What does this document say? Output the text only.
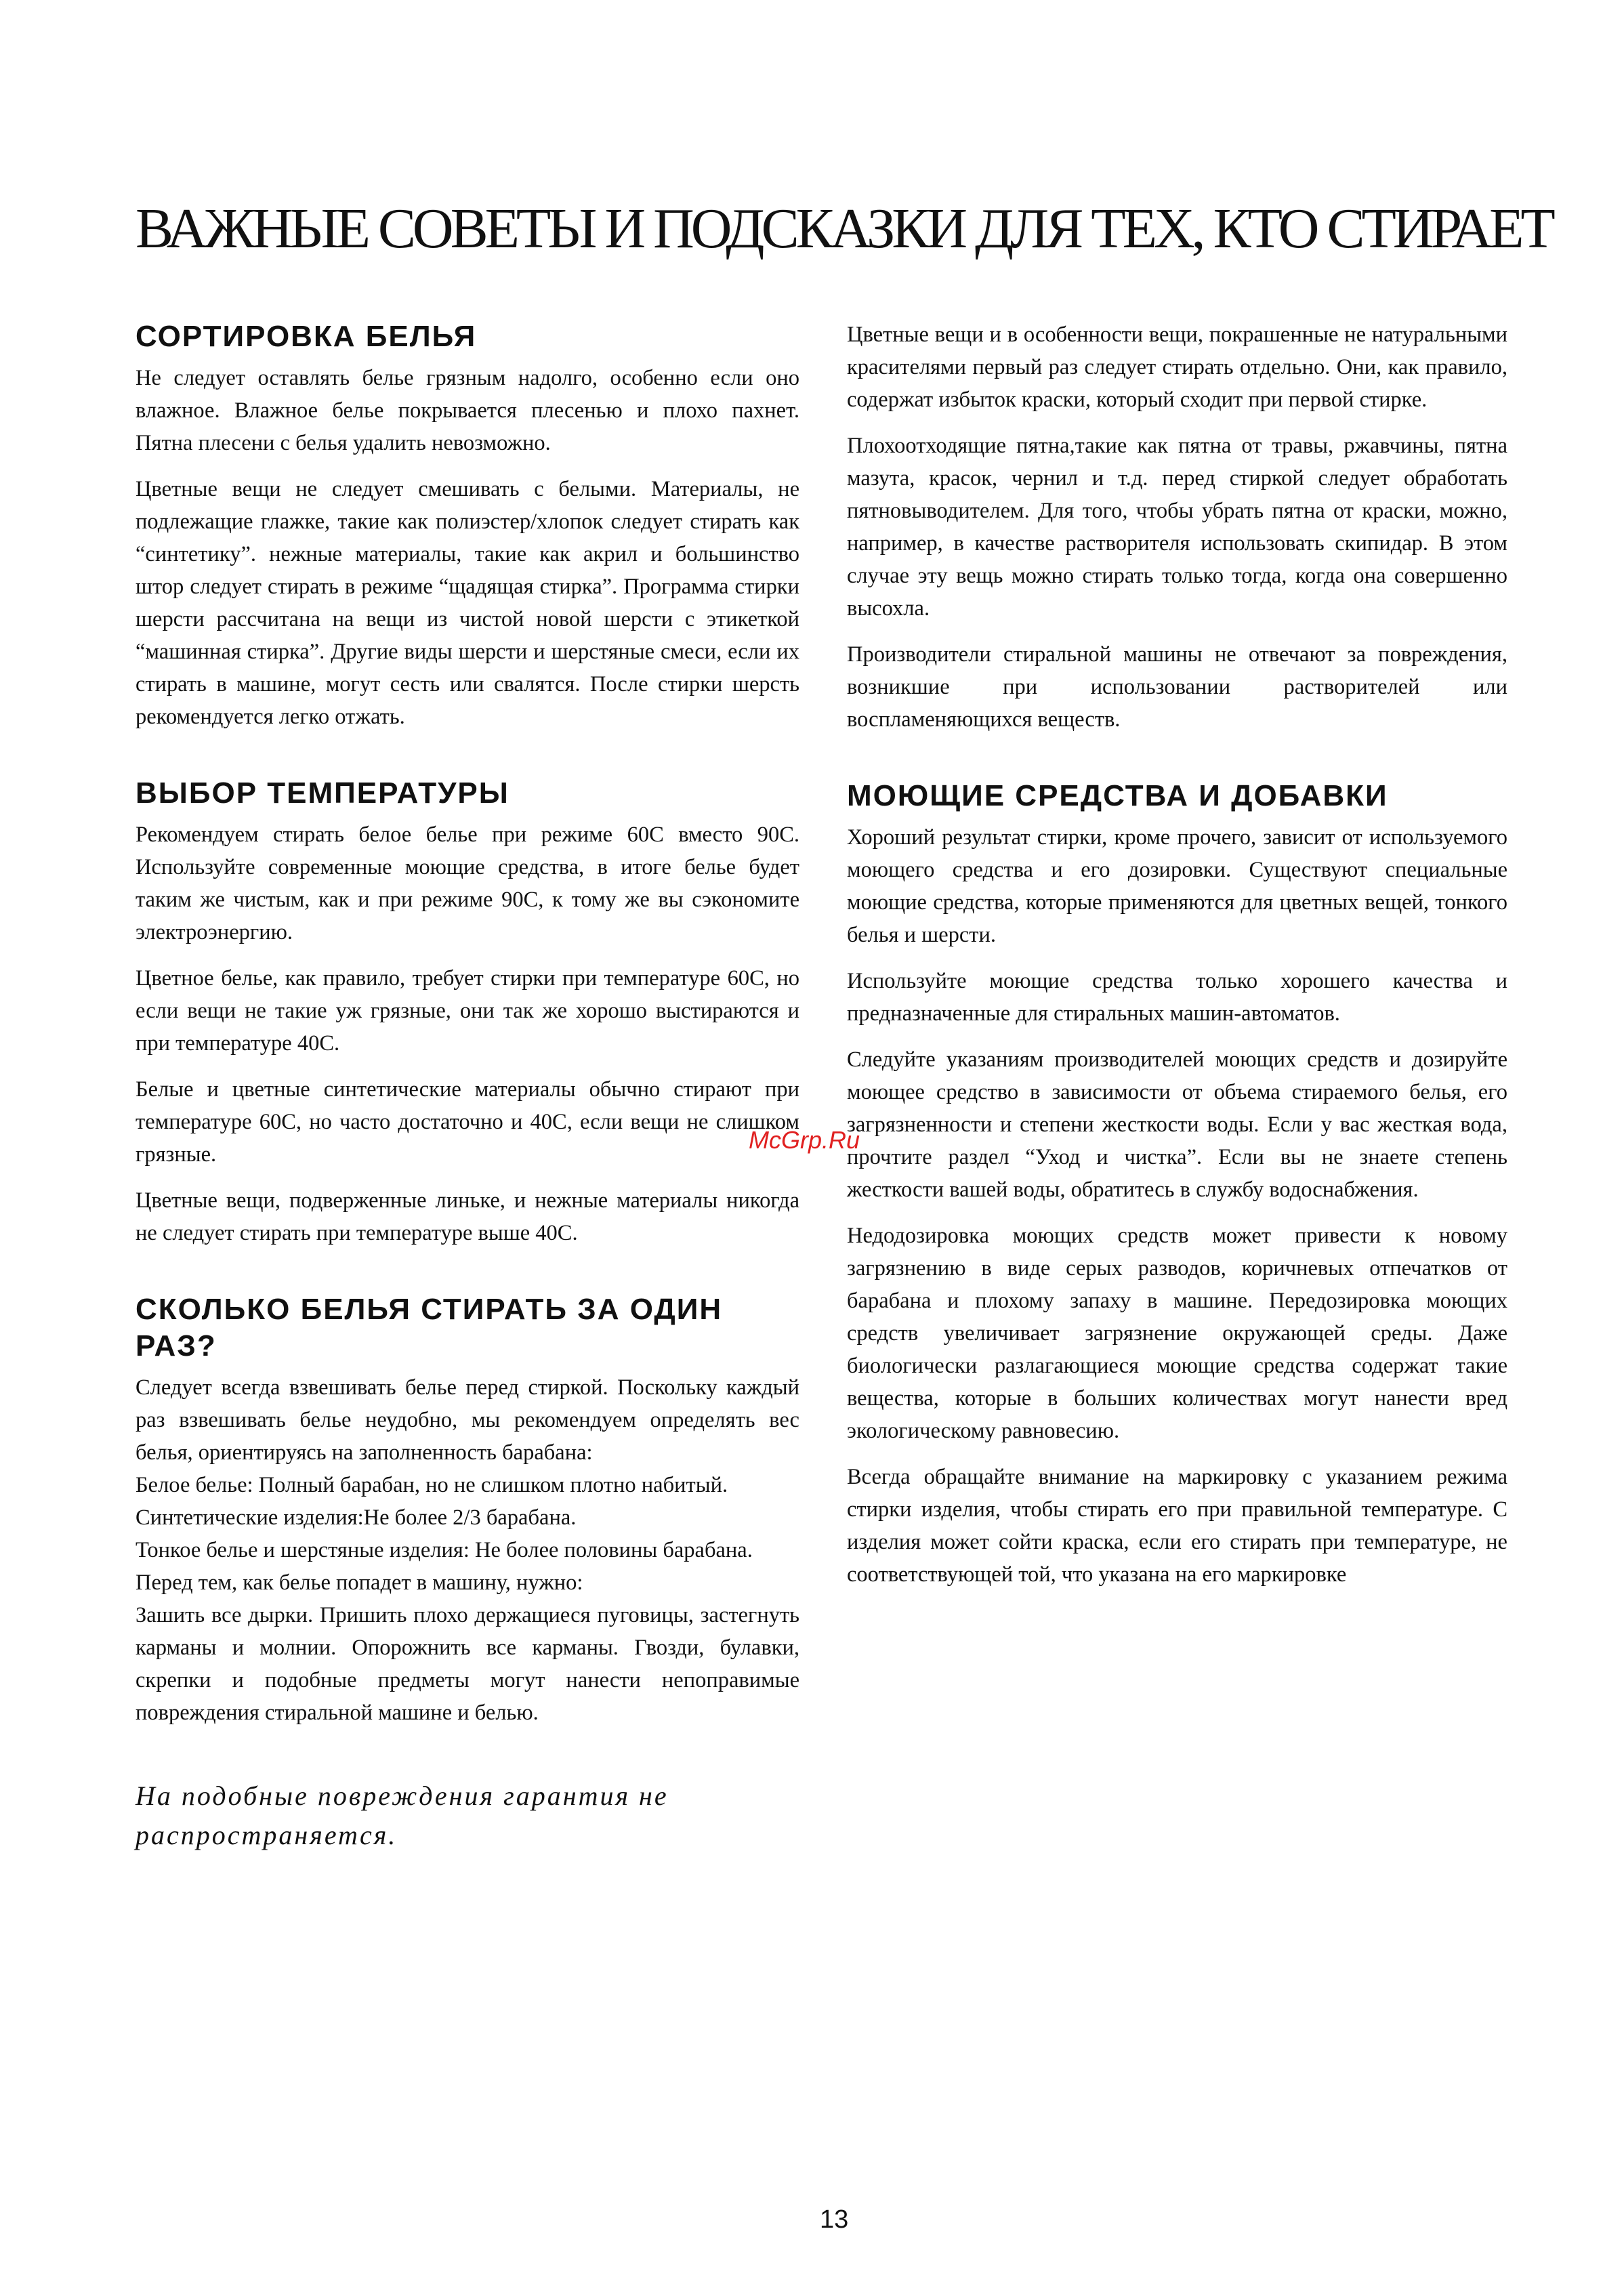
ВАЖНЫЕ СОВЕТЫ И ПОДСКАЗКИ ДЛЯ ТЕХ, КТО СТИРАЕТ
СОРТИРОВКА БЕЛЬЯ

Не следует оставлять белье грязным надолго, особенно если оно влажное. Влажное белье покрывается плесенью и плохо пахнет. Пятна плесени с белья удалить невозможно.

Цветные вещи не следует смешивать с белыми. Материалы, не подлежащие глажке, такие как полиэстер/хлопок следует стирать как “синтетику”. нежные материалы, такие как акрил и большинство штор следует стирать в режиме “щадящая стирка”. Программа стирки шерсти рассчитана на вещи из чистой новой шерсти с этикеткой “машинная стирка”. Другие виды шерсти и шерстяные смеси, если их стирать в машине, могут сесть или свалятся. После стирки шерсть рекомендуется легко отжать.

ВЫБОР ТЕМПЕРАТУРЫ

Рекомендуем стирать белое белье при режиме 60С вместо 90С. Используйте современные моющие средства, в итоге белье будет таким же чистым, как и при режиме 90С, к тому же вы сэкономите электроэнергию.

Цветное белье, как правило, требует стирки при температуре 60С, но если вещи не такие уж грязные, они так же хорошо выстираются и при температуре 40С.

Белые и цветные синтетические материалы обычно стирают при температуре 60С, но часто достаточно и 40С, если вещи не слишком грязные.

Цветные вещи, подверженные линьке, и нежные материалы никогда не следует стирать при температуре выше 40С.

СКОЛЬКО БЕЛЬЯ СТИРАТЬ ЗА ОДИН РАЗ?

Следует всегда взвешивать белье перед стиркой. Поскольку каждый раз взвешивать белье неудобно, мы рекомендуем определять вес белья, ориентируясь на заполненность барабана:

Белое белье: Полный барабан, но не слишком плотно набитый.

Синтетические изделия:Не более 2/3 барабана.

Тонкое белье и шерстяные изделия: Не более половины барабана.

Перед тем, как белье попадет в машину, нужно:

Зашить все дырки. Пришить плохо держащиеся пуговицы, застегнуть карманы и молнии. Опорожнить все карманы. Гвозди, булавки, скрепки и подобные предметы могут нанести непоправимые повреждения стиральной машине и белью.

На подобные повреждения гарантия не распространяется.

Цветные вещи и в особенности вещи, покрашенные не натуральными красителями первый раз следует стирать отдельно. Они, как правило, содержат избыток краски, который сходит при первой стирке.

Плохоотходящие пятна,такие как пятна от травы, ржавчины, пятна мазута, красок, чернил и т.д. перед стиркой следует обработать пятновыводителем. Для того, чтобы убрать пятна от краски, можно, например, в качестве растворителя использовать скипидар. В этом случае эту вещь можно стирать только тогда, когда она совершенно высохла.

Производители стиральной машины не отвечают за повреждения, возникшие при использовании растворителей или воспламеняющихся веществ.

МОЮЩИЕ СРЕДСТВА И ДОБАВКИ

Хороший результат стирки, кроме прочего, зависит от используемого моющего средства и его дозировки. Существуют специальные моющие средства, которые применяются для цветных вещей, тонкого белья и шерсти.

Используйте моющие средства только хорошего качества и предназначенные для стиральных машин-автоматов.

Следуйте указаниям производителей моющих средств и дозируйте моющее средство в зависимости от объема стираемого белья, его загрязненности и степени жесткости воды. Если у вас жесткая вода, прочтите раздел “Уход и чистка”. Если вы не знаете степень жесткости вашей воды, обратитесь в службу водоснабжения.

Недодозировка моющих средств может привести к новому загрязнению в виде серых разводов, коричневых отпечатков от барабана и плохому запаху в машине. Передозировка моющих средств увеличивает загрязнение окружающей среды. Даже биологически разлагающиеся моющие средства содержат такие вещества, которые в больших количествах могут нанести вред экологическому равновесию.

Всегда обращайте внимание на маркировку с указанием режима стирки изделия, чтобы стирать его при правильной температуре. С изделия может сойти краска, если его стирать при температуре, не соответствующей той, что указана на его маркировке

McGrp.Ru
13
